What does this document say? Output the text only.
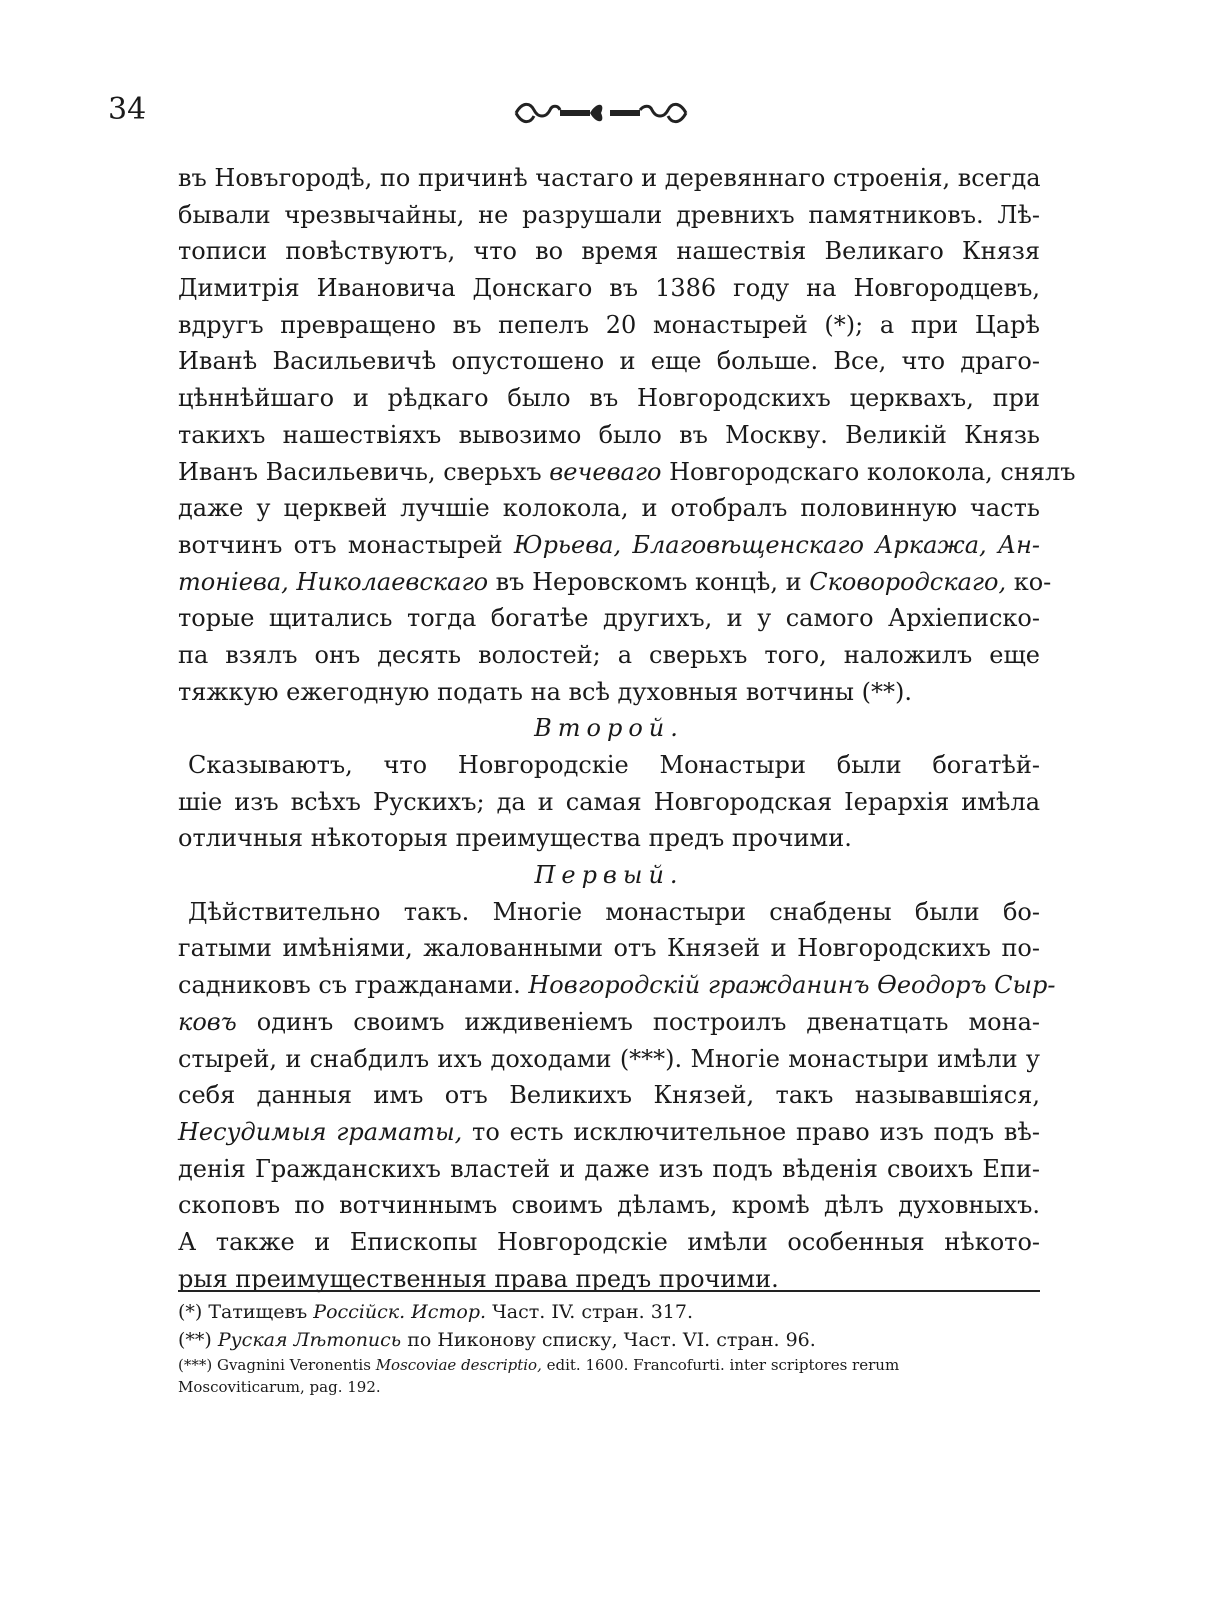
34
въ Новъгородѣ, по причинѣ частаго и деревяннаго строенія, всегда
бывали чрезвычайны, не разрушали древнихъ памятниковъ. Лѣ-
тописи повѣствуютъ, что во время нашествія Великаго Князя
Димитрія Ивановича Донскаго въ 1386 году на Новгородцевъ,
вдругъ превращено въ пепелъ 20 монастырей (*); а при Царѣ
Иванѣ Васильевичѣ опустошено и еще больше. Все, что драго-
цѣннѣйшаго и рѣдкаго было въ Новгородскихъ церквахъ, при
такихъ нашествіяхъ вывозимо было въ Москву. Великій Князь
Иванъ Васильевичь, сверьхъ вечеваго Новгородскаго колокола, снялъ
даже у церквей лучшіе колокола, и отобралъ половинную часть
вотчинъ отъ монастырей Юрьева, Благовѣщенскаго Аркажа, Ан-
тоніева, Николаевскаго въ Неровскомъ концѣ, и Сковородскаго, ко-
торые щитались тогда богатѣе другихъ, и у самого Архіеписко-
па взялъ онъ десять волостей; а сверьхъ того, наложилъ еще
тяжкую ежегодную подать на всѣ духовныя вотчины (**).
Второй.
Сказываютъ, что Новгородскіе Монастыри были богатѣй-
шіе изъ всѣхъ Рускихъ; да и самая Новгородская Іерархія имѣла
отличныя нѣкоторыя преимущества предъ прочими.
Первый.
Дѣйствительно такъ. Многіе монастыри снабдены были бо-
гатыми имѣніями, жалованными отъ Князей и Новгородскихъ по-
садниковъ съ гражданами. Новгородскій гражданинъ Ѳеодоръ Сыр-
ковъ одинъ своимъ иждивеніемъ построилъ двенатцать мона-
стырей, и снабдилъ ихъ доходами (***). Многіе монастыри имѣли у
себя данныя имъ отъ Великихъ Князей, такъ называвшіяся,
Несудимыя граматы, то есть исключительное право изъ подъ вѣ-
денія Гражданскихъ властей и даже изъ подъ вѣденія своихъ Епи-
скоповъ по вотчиннымъ своимъ дѣламъ, кромѣ дѣлъ духовныхъ.
А также и Епископы Новгородскіе имѣли особенныя нѣкото-
рыя преимущественныя права предъ прочими.
(*) Татищевъ Россійск. Истор. Част. IV. стран. 317.
(**) Руская Лѣтопись по Никонову списку, Част. VI. стран. 96.
(***) Gvagnini Veronentis Moscoviae descriptio, edit. 1600. Francofurti. inter scriptores rerum
Moscoviticarum, pag. 192.
